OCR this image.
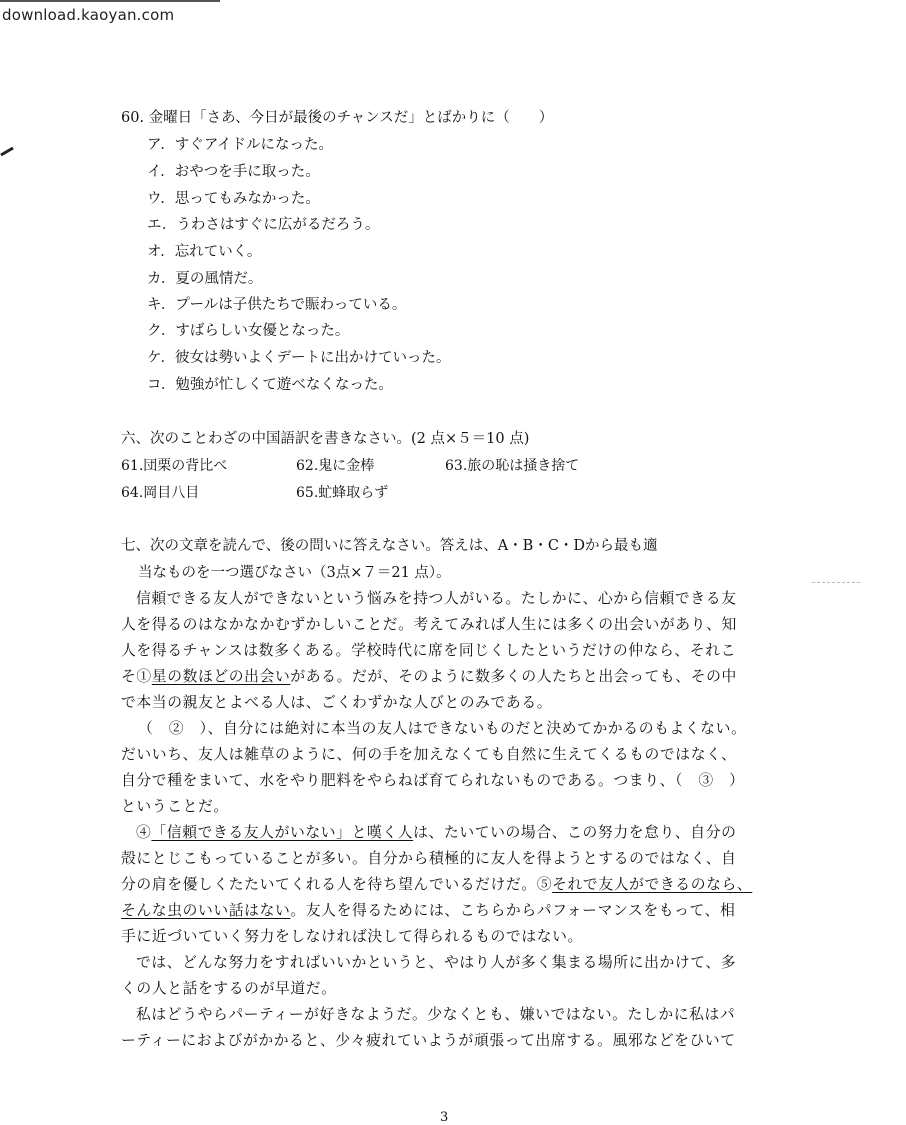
download.kaoyan.com
60. 金曜日「さあ、今日が最後のチャンスだ」とばかりに（　　）
ア．すぐアイドルになった。
イ．おやつを手に取った。
ウ．思ってもみなかった。
エ．うわさはすぐに広がるだろう。
オ．忘れていく。
カ．夏の風情だ。
キ．プールは子供たちで賑わっている。
ク．すばらしい女優となった。
ケ．彼女は勢いよくデートに出かけていった。
コ．勉強が忙しくて遊べなくなった。
六、次のことわざの中国語訳を書きなさい。(2 点×５＝10 点)
61.団栗の背比べ	62.鬼に金棒	63.旅の恥は掻き捨て
64.岡目八目	65.虻蜂取らず
七、次の文章を読んで、後の問いに答えなさい。答えは、A・B・C・Dから最も適
当なものを一つ選びなさい（3点×７＝21 点）。
信頼できる友人ができないという悩みを持つ人がいる。たしかに、心から信頼できる友
人を得るのはなかなかむずかしいことだ。考えてみれば人生には多くの出会いがあり、知
人を得るチャンスは数多くある。学校時代に席を同じくしたというだけの仲なら、それこ
そ①星の数ほどの出会いがある。だが、そのように数多くの人たちと出会っても、その中
で本当の親友とよべる人は、ごくわずかな人びとのみである。
（　②　）、自分には絶対に本当の友人はできないものだと決めてかかるのもよくない。
だいいち、友人は雑草のように、何の手を加えなくても自然に生えてくるものではなく、
自分で種をまいて、水をやり肥料をやらねば育てられないものである。つまり、（　③　）
ということだ。
④「信頼できる友人がいない」と嘆く人は、たいていの場合、この努力を怠り、自分の
殻にとじこもっていることが多い。自分から積極的に友人を得ようとするのではなく、自
分の肩を優しくたたいてくれる人を待ち望んでいるだけだ。⑤それで友人ができるのなら、
そんな虫のいい話はない。友人を得るためには、こちらからパフォーマンスをもって、相
手に近づいていく努力をしなければ決して得られるものではない。
では、どんな努力をすればいいかというと、やはり人が多く集まる場所に出かけて、多
くの人と話をするのが早道だ。
私はどうやらパーティーが好きなようだ。少なくとも、嫌いではない。たしかに私はパ
ーティーにおよびがかかると、少々疲れていようが頑張って出席する。風邪などをひいて
3
